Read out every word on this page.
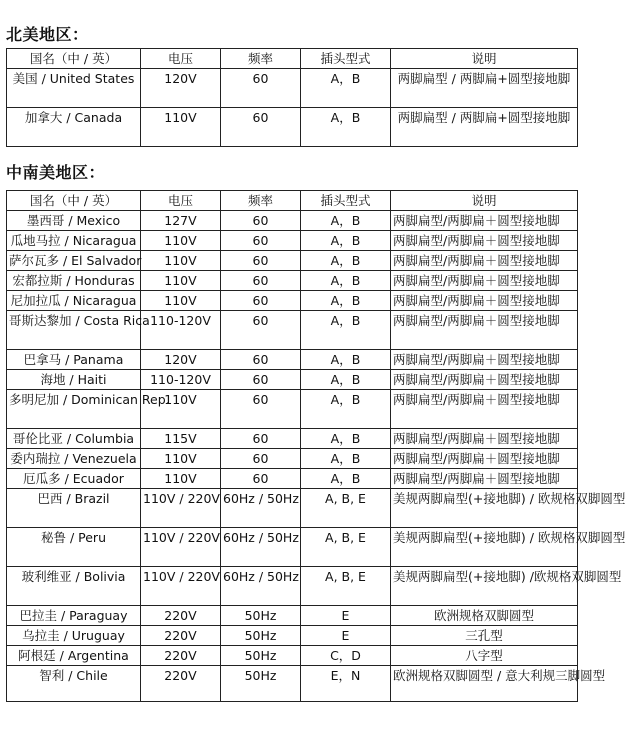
北美地区：
国名（中 / 英）	电压	频率	插头型式	说明
美国 / United States	120V	60	A，B	两脚扁型 / 两脚扁+圆型接地脚
加拿大 / Canada	110V	60	A，B	两脚扁型 / 两脚扁+圆型接地脚
中南美地区：
国名（中 / 英）	电压	频率	插头型式	说明
墨西哥 / Mexico	127V	60	A，B	两脚扁型/两脚扁＋圆型接地脚
瓜地马拉 / Nicaragua	110V	60	A，B	两脚扁型/两脚扁＋圆型接地脚
萨尔瓦多 / El Salvador	110V	60	A，B	两脚扁型/两脚扁＋圆型接地脚
宏都拉斯 / Honduras	110V	60	A，B	两脚扁型/两脚扁＋圆型接地脚
尼加拉瓜 / Nicaragua	110V	60	A，B	两脚扁型/两脚扁＋圆型接地脚
哥斯达黎加 / Costa Rica	110-120V	60	A，B	两脚扁型/两脚扁＋圆型接地脚
巴拿马 / Panama	120V	60	A，B	两脚扁型/两脚扁＋圆型接地脚
海地 / Haiti	110-120V	60	A，B	两脚扁型/两脚扁＋圆型接地脚
多明尼加 / Dominican Rep.	110V	60	A，B	两脚扁型/两脚扁＋圆型接地脚
哥伦比亚 / Columbia	115V	60	A，B	两脚扁型/两脚扁＋圆型接地脚
委内瑞拉 / Venezuela	110V	60	A，B	两脚扁型/两脚扁＋圆型接地脚
厄瓜多 / Ecuador	110V	60	A，B	两脚扁型/两脚扁＋圆型接地脚
巴西 / Brazil	110V / 220V	60Hz / 50Hz	A, B, E	美规两脚扁型(+接地脚) / 欧规格双脚圆型
秘鲁 / Peru	110V / 220V	60Hz / 50Hz	A, B, E	美规两脚扁型(+接地脚) / 欧规格双脚圆型
玻利维亚 / Bolivia	110V / 220V	60Hz / 50Hz	A, B, E	美规两脚扁型(+接地脚) /欧规格双脚圆型
巴拉圭 / Paraguay	220V	50Hz	E	欧洲规格双脚圆型
乌拉圭 / Uruguay	220V	50Hz	E	三孔型
阿根廷 / Argentina	220V	50Hz	C，D	八字型
智利 / Chile	220V	50Hz	E，N	欧洲规格双脚圆型 / 意大利规三脚圆型
